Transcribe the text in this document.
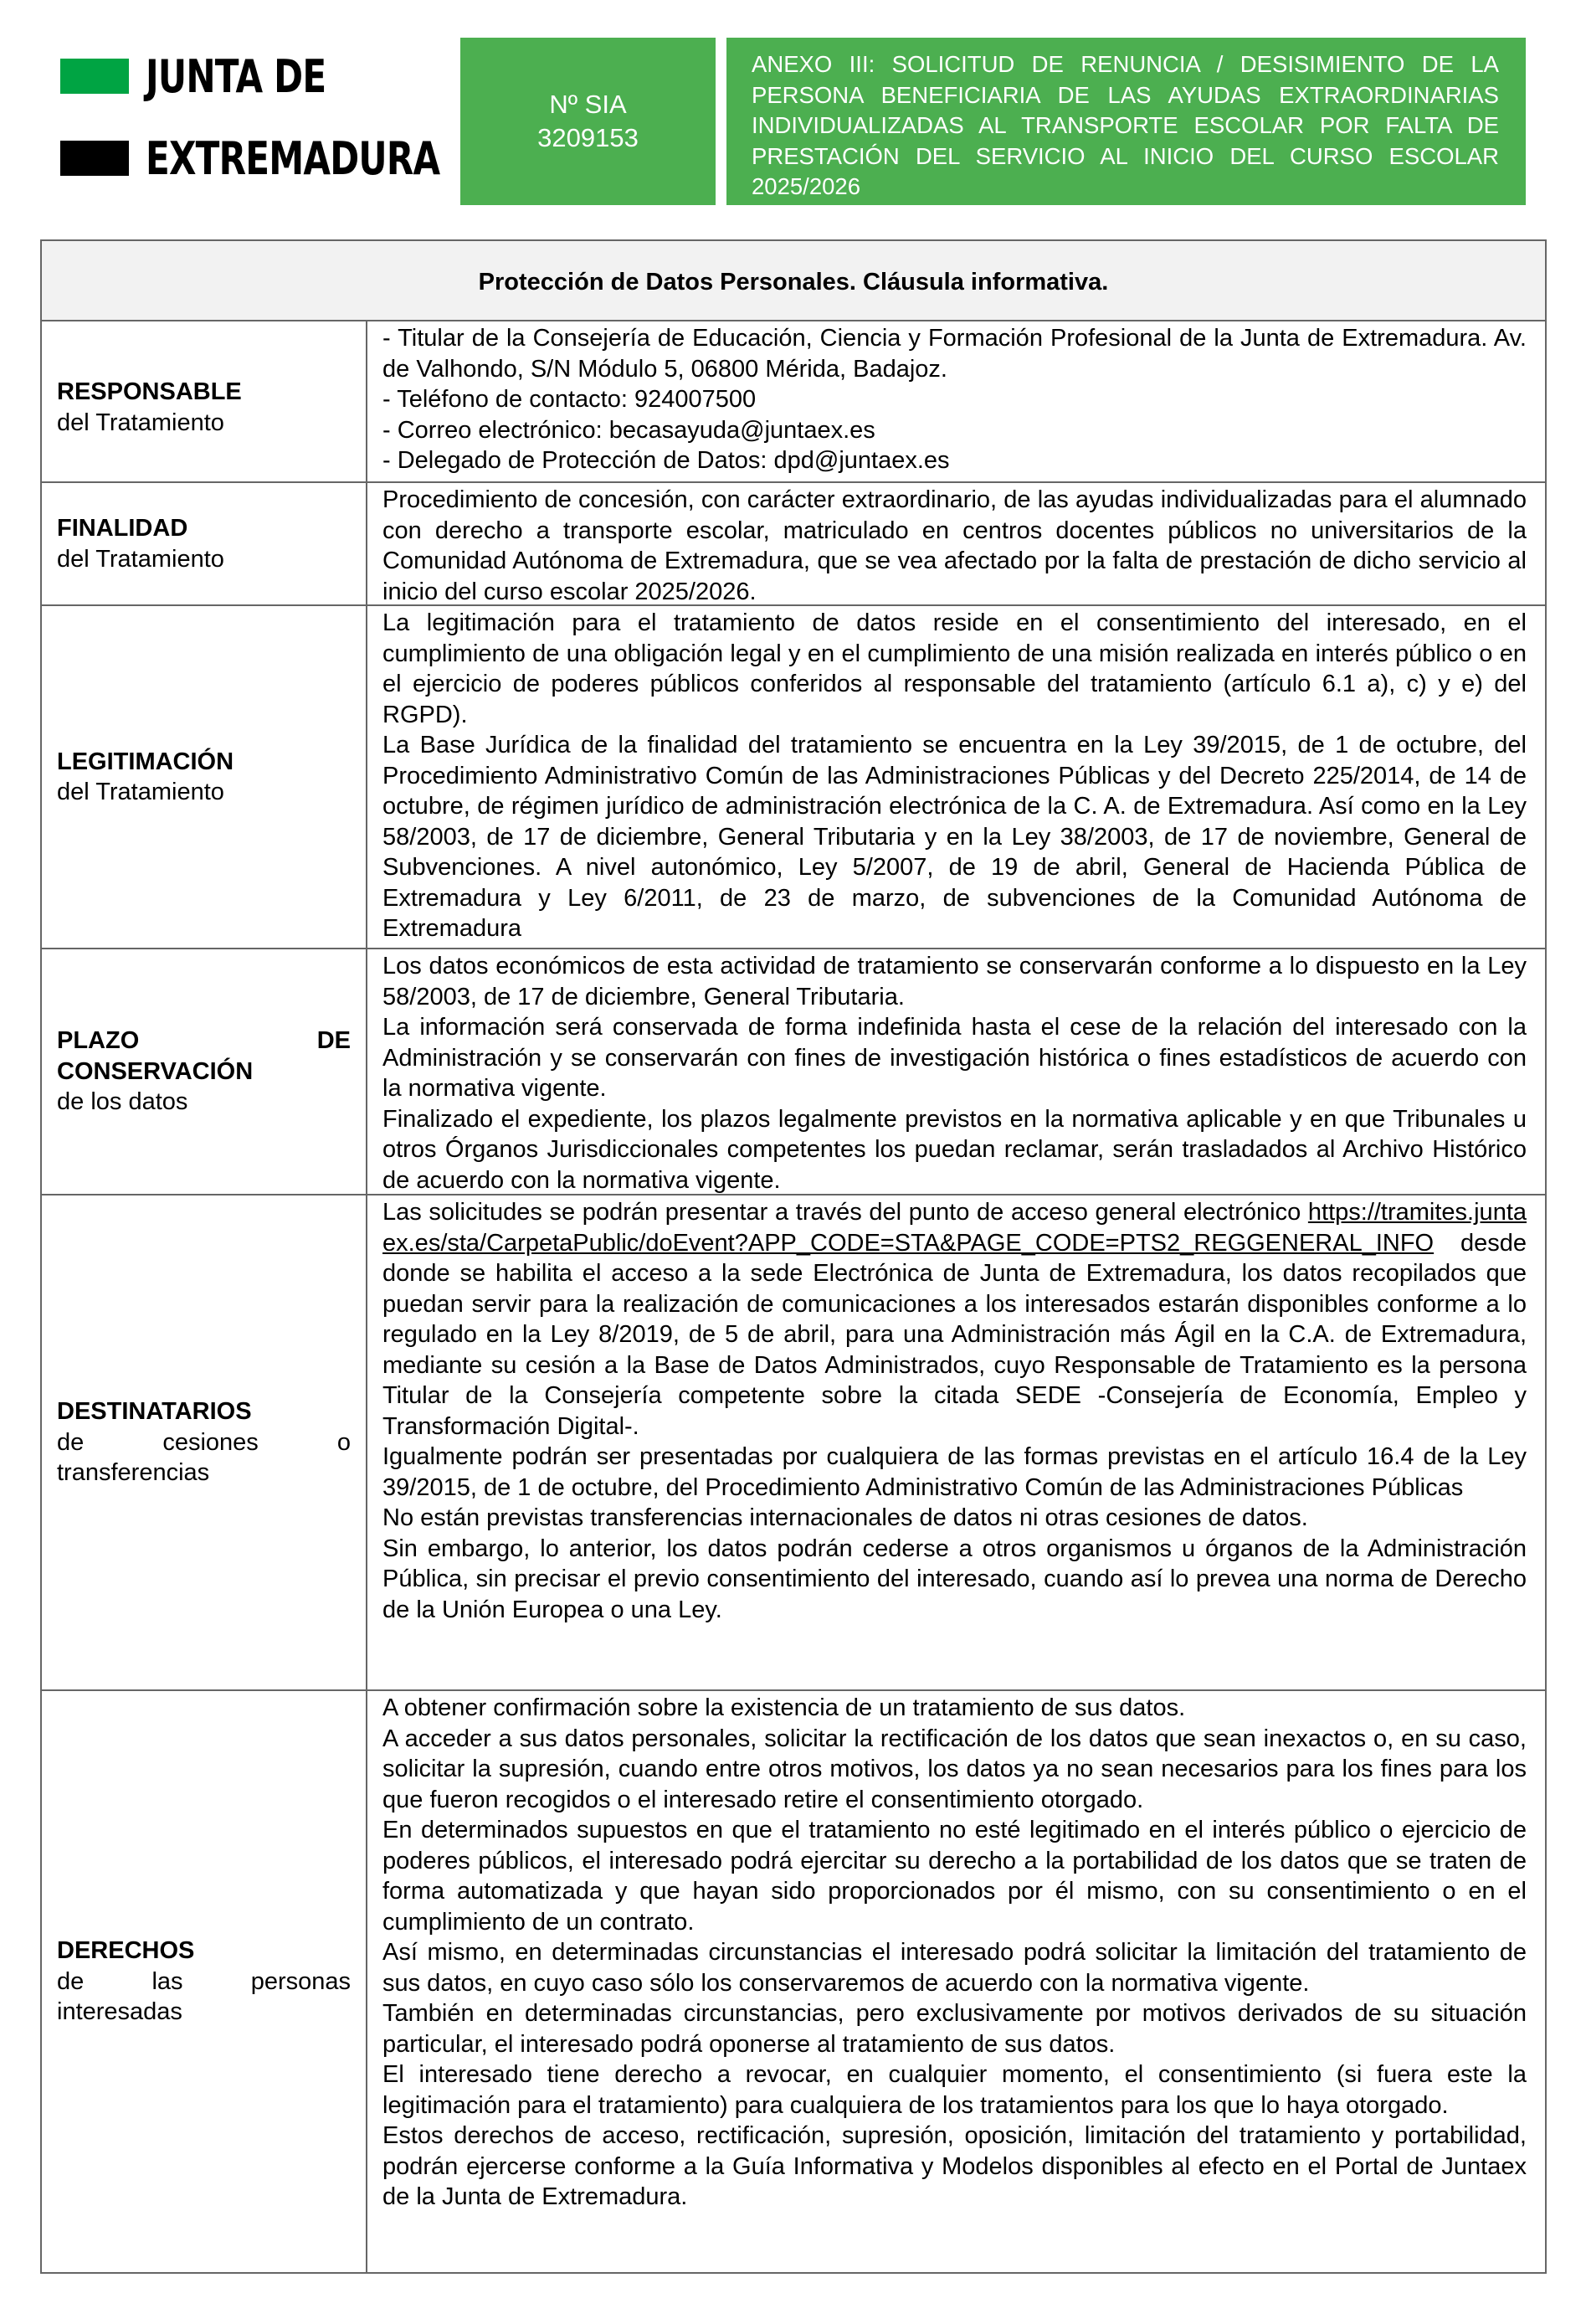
JUNTA DE
EXTREMADURA
Nº SIA
3209153
ANEXO III: SOLICITUD DE RENUNCIA / DESISIMIENTO DE LA PERSONA BENEFICIARIA DE LAS AYUDAS EXTRAORDINARIAS INDIVIDUALIZADAS AL TRANSPORTE ESCOLAR POR FALTA DE PRESTACIÓN DEL SERVICIO AL INICIO DEL CURSO ESCOLAR 2025/2026
Protección de Datos Personales. Cláusula informativa.
RESPONSABLE
del Tratamiento

- Titular de la Consejería de Educación, Ciencia y Formación Profesional de la Junta de Extremadura. Av. de Valhondo, S/N Módulo 5, 06800 Mérida, Badajoz.

- Teléfono de contacto: 924007500

- Correo electrónico: becasayuda@juntaex.es

- Delegado de Protección de Datos: dpd@juntaex.es

FINALIDAD
del Tratamiento

Procedimiento de concesión, con carácter extraordinario, de las ayudas individualizadas para el alumnado con derecho a transporte escolar, matriculado en centros docentes públicos no universitarios de la Comunidad Autónoma de Extremadura, que se vea afectado por la falta de prestación de dicho servicio al inicio del curso escolar 2025/2026.

LEGITIMACIÓN
del Tratamiento

La legitimación para el tratamiento de datos reside en el consentimiento del interesado, en el cumplimiento de una obligación legal y en el cumplimiento de una misión realizada en interés público o en el ejercicio de poderes públicos conferidos al responsable del tratamiento (artículo 6.1 a), c) y e) del RGPD).

La Base Jurídica de la finalidad del tratamiento se encuentra en la Ley 39/2015, de 1 de octubre, del Procedimiento Administrativo Común de las Administraciones Públicas y del Decreto 225/2014, de 14 de octubre, de régimen jurídico de administración electrónica de la C. A. de Extremadura. Así como en la Ley 58/2003, de 17 de diciembre, General Tributaria y en la Ley 38/2003, de 17 de noviembre, General de Subvenciones. A nivel autonómico, Ley 5/2007, de 19 de abril, General de Hacienda Pública de Extremadura y Ley 6/2011, de 23 de marzo, de subvenciones de la Comunidad Autónoma de Extremadura

PLAZO	DE
CONSERVACIÓN
de los datos

Los datos económicos de esta actividad de tratamiento se conservarán conforme a lo dispuesto en la Ley 58/2003, de 17 de diciembre, General Tributaria.

La información será conservada de forma indefinida hasta el cese de la relación del interesado con la Administración y se conservarán con fines de investigación histórica o fines estadísticos de acuerdo con la normativa vigente.

Finalizado el expediente, los plazos legalmente previstos en la normativa aplicable y en que Tribunales u otros Órganos Jurisdiccionales competentes los puedan reclamar, serán trasladados al Archivo Histórico de acuerdo con la normativa vigente.

DESTINATARIOS
de	cesiones	o
transferencias

Las solicitudes se podrán presentar a través del punto de acceso general electrónico https://tramites.juntaex.es/sta/CarpetaPublic/doEvent?APP_CODE=STA&PAGE_CODE=PTS2_REGGENERAL_INFO desde donde se habilita el acceso a la sede Electrónica de Junta de Extremadura, los datos recopilados que puedan servir para la realización de comunicaciones a los interesados estarán disponibles conforme a lo regulado en la Ley 8/2019, de 5 de abril, para una Administración más Ágil en la C.A. de Extremadura, mediante su cesión a la Base de Datos Administrados, cuyo Responsable de Tratamiento es la persona Titular de la Consejería competente sobre la citada SEDE -Consejería de Economía, Empleo y Transformación Digital-.

Igualmente podrán ser presentadas por cualquiera de las formas previstas en el artículo 16.4 de la Ley 39/2015, de 1 de octubre, del Procedimiento Administrativo Común de las Administraciones Públicas

No están previstas transferencias internacionales de datos ni otras cesiones de datos.

Sin embargo, lo anterior, los datos podrán cederse a otros organismos u órganos de la Administración Pública, sin precisar el previo consentimiento del interesado, cuando así lo prevea una norma de Derecho de la Unión Europea o una Ley.

DERECHOS
de	las	personas
interesadas

A obtener confirmación sobre la existencia de un tratamiento de sus datos.

A acceder a sus datos personales, solicitar la rectificación de los datos que sean inexactos o, en su caso, solicitar la supresión, cuando entre otros motivos, los datos ya no sean necesarios para los fines para los que fueron recogidos o el interesado retire el consentimiento otorgado.

En determinados supuestos en que el tratamiento no esté legitimado en el interés público o ejercicio de poderes públicos, el interesado podrá ejercitar su derecho a la portabilidad de los datos que se traten de forma automatizada y que hayan sido proporcionados por él mismo, con su consentimiento o en el cumplimiento de un contrato.

Así mismo, en determinadas circunstancias el interesado podrá solicitar la limitación del tratamiento de sus datos, en cuyo caso sólo los conservaremos de acuerdo con la normativa vigente.

También en determinadas circunstancias, pero exclusivamente por motivos derivados de su situación particular, el interesado podrá oponerse al tratamiento de sus datos.

El interesado tiene derecho a revocar, en cualquier momento, el consentimiento (si fuera este la legitimación para el tratamiento) para cualquiera de los tratamientos para los que lo haya otorgado.

Estos derechos de acceso, rectificación, supresión, oposición, limitación del tratamiento y portabilidad, podrán ejercerse conforme a la Guía Informativa y Modelos disponibles al efecto en el Portal de Juntaex de la Junta de Extremadura.
